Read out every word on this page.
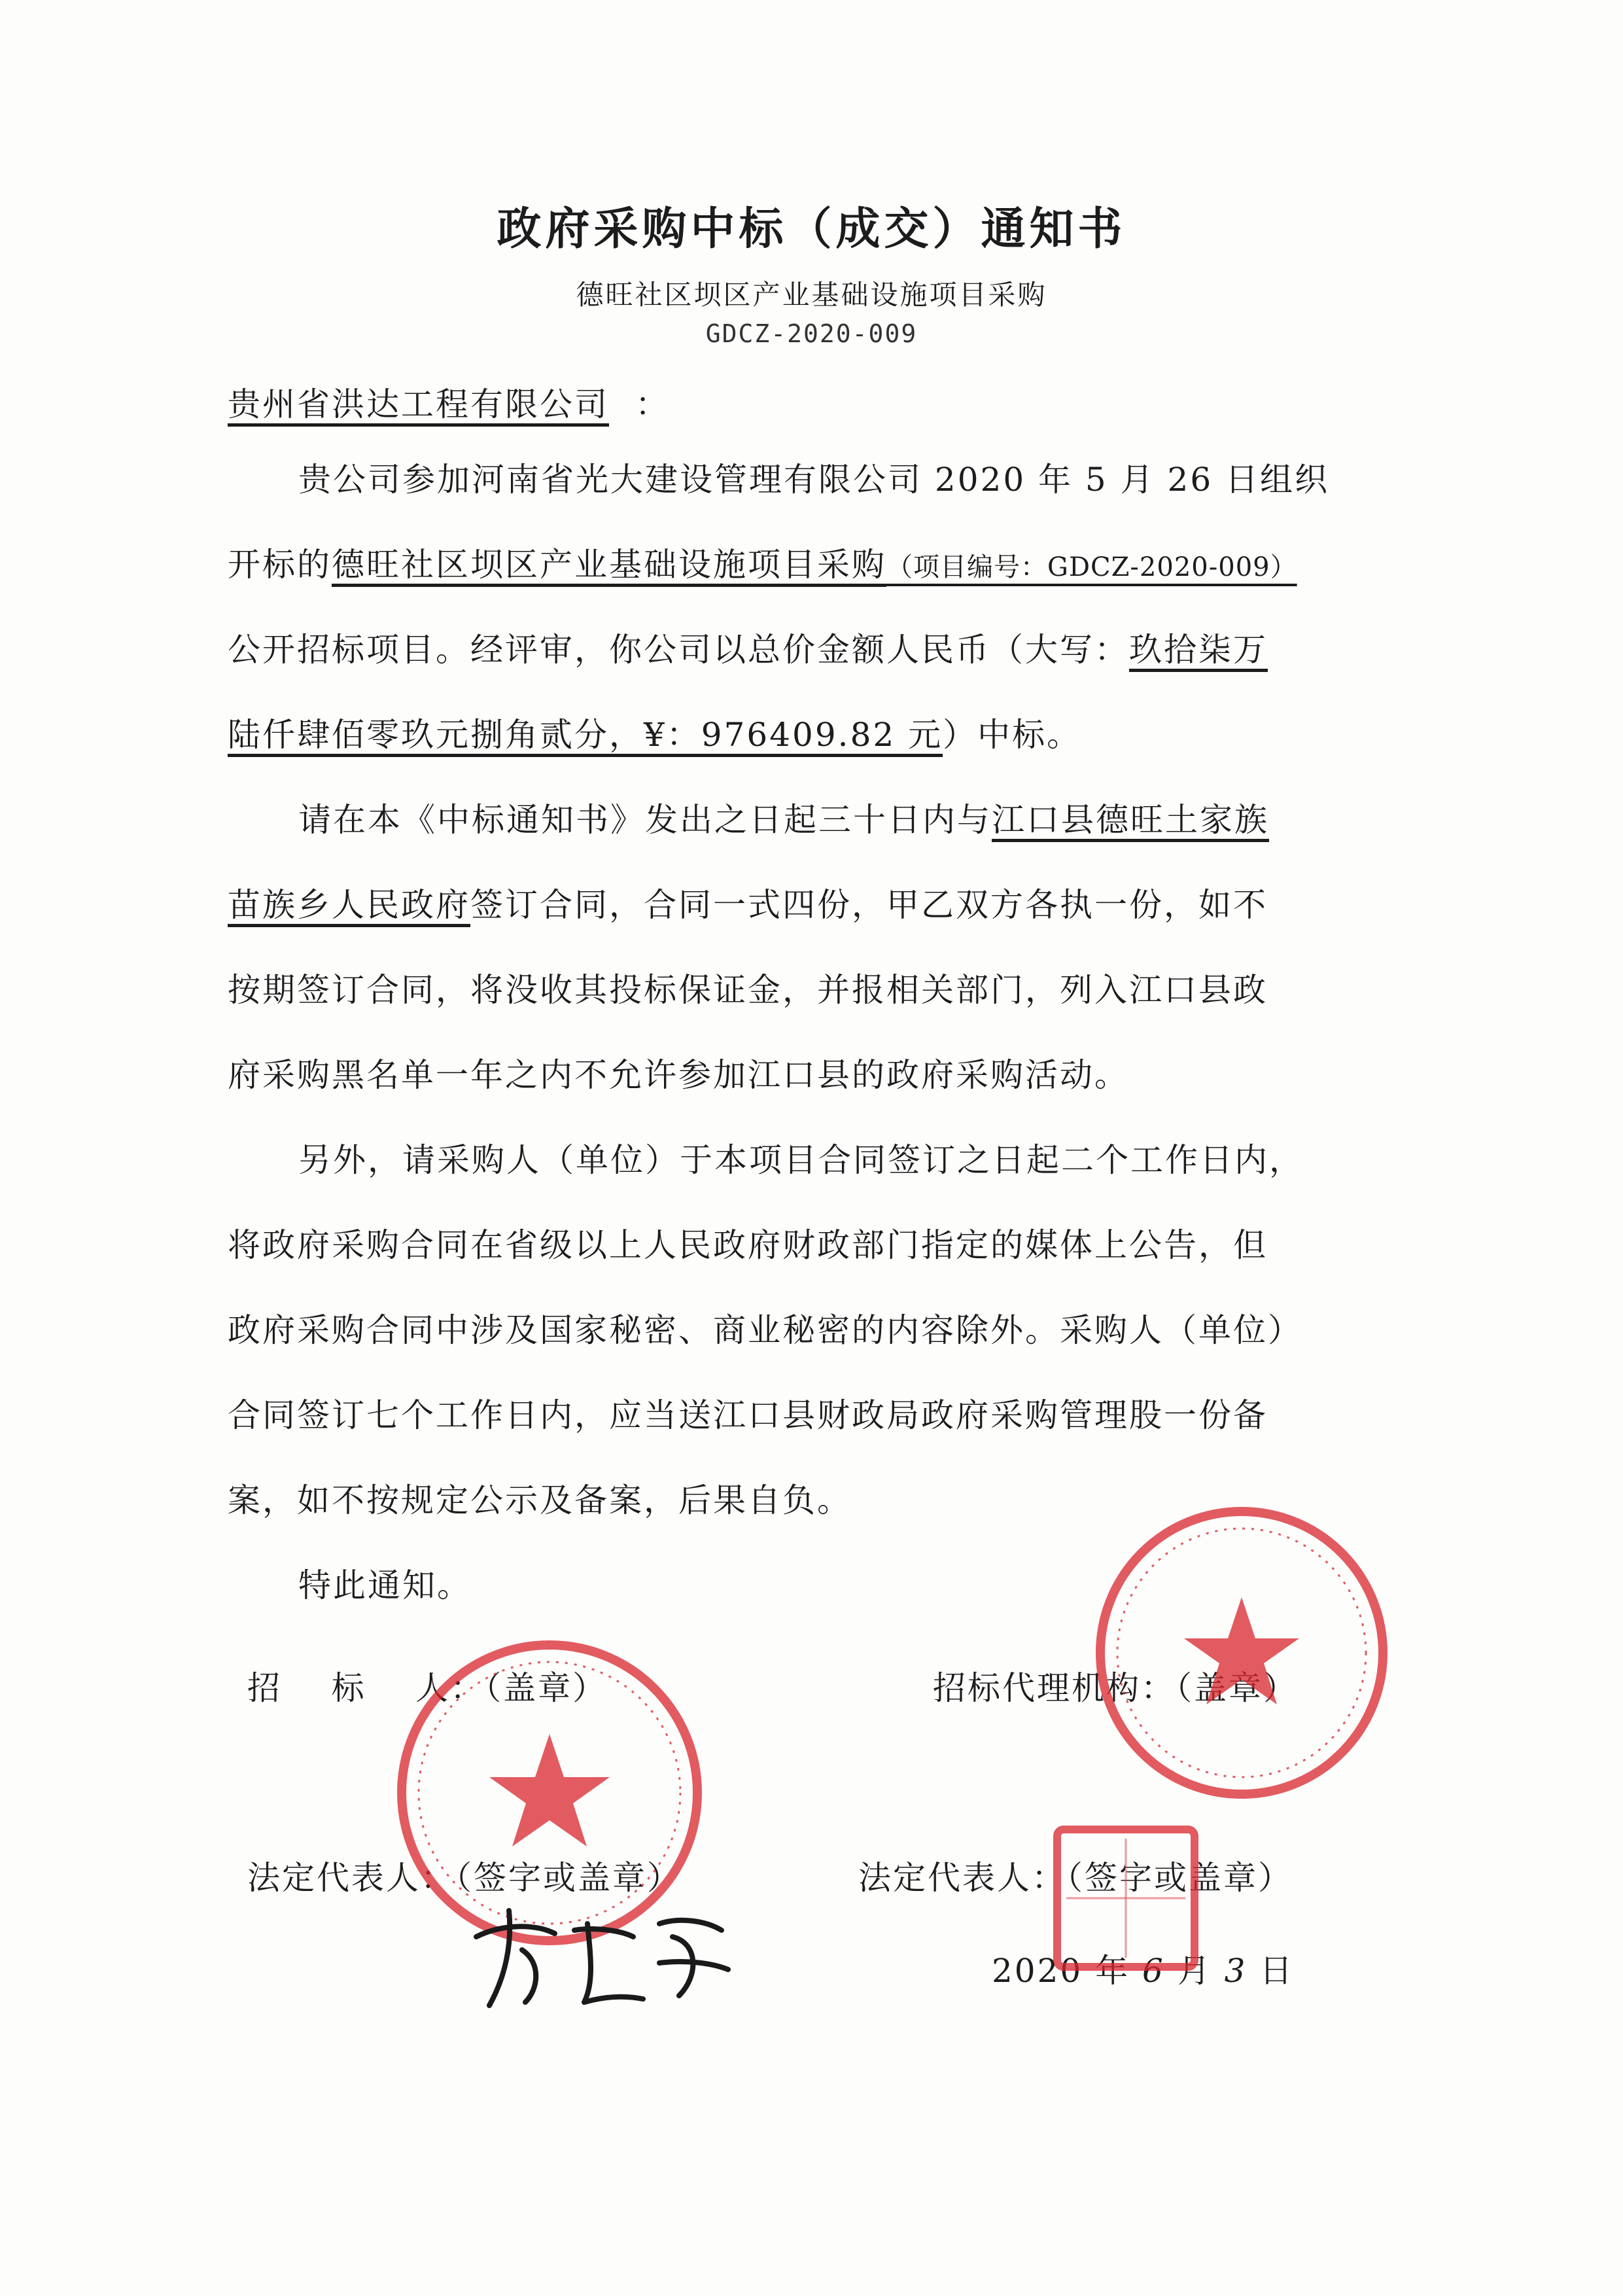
政府采购中标（成交）通知书
德旺社区坝区产业基础设施项目采购
GDCZ-2020-009
贵州省洪达工程有限公司 ：
贵公司参加河南省光大建设管理有限公司 2020 年 5 月 26 日组织
开标的德旺社区坝区产业基础设施项目采购（项目编号：GDCZ-2020-009）
公开招标项目。经评审，你公司以总价金额人民币（大写：玖拾柒万
陆仟肆佰零玖元捌角贰分，¥：976409.82 元）中标。
请在本《中标通知书》发出之日起三十日内与江口县德旺土家族
苗族乡人民政府签订合同，合同一式四份，甲乙双方各执一份，如不
按期签订合同，将没收其投标保证金，并报相关部门，列入江口县政
府采购黑名单一年之内不允许参加江口县的政府采购活动。
另外，请采购人（单位）于本项目合同签订之日起二个工作日内，
将政府采购合同在省级以上人民政府财政部门指定的媒体上公告，但
政府采购合同中涉及国家秘密、商业秘密的内容除外。采购人（单位）
合同签订七个工作日内，应当送江口县财政局政府采购管理股一份备
案，如不按规定公示及备案，后果自负。
特此通知。
招    标    人：（盖章）	招标代理机构：（盖章）
法定代表人：（签字或盖章）	法定代表人：（签字或盖章）
2020 年 6 月 3 日
